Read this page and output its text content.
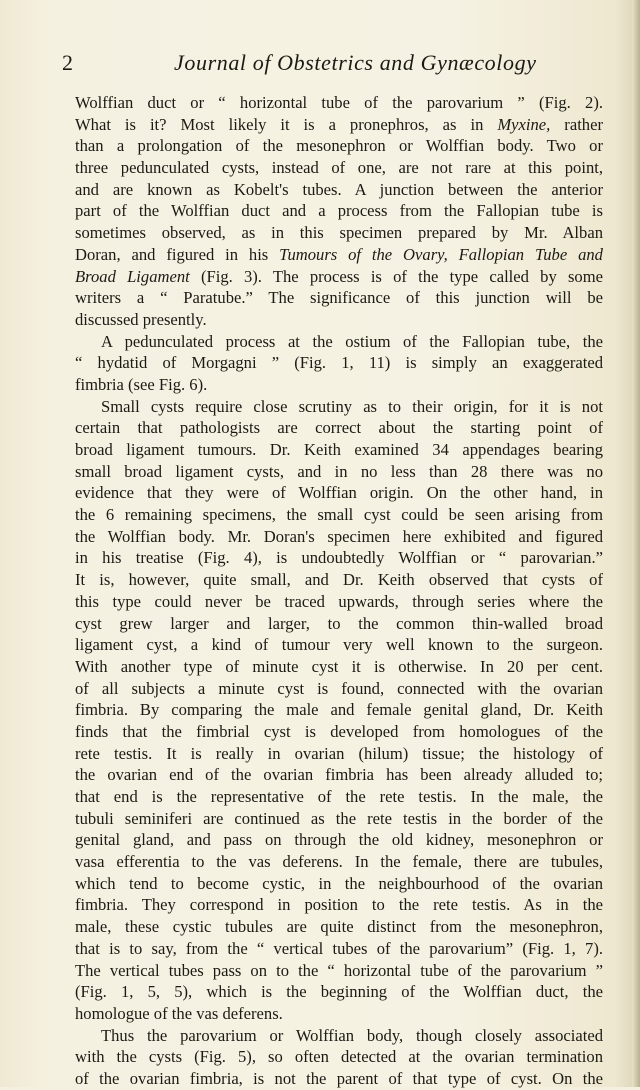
2	Journal of Obstetrics and Gynæcology
Wolffian duct or “ horizontal tube of the parovarium ” (Fig. 2).
What is it? Most likely it is a pronephros, as in Myxine, rather
than a prolongation of the mesonephron or Wolffian body. Two or
three pedunculated cysts, instead of one, are not rare at this point,
and are known as Kobelt's tubes. A junction between the anterior
part of the Wolffian duct and a process from the Fallopian tube is
sometimes observed, as in this specimen prepared by Mr. Alban
Doran, and figured in his Tumours of the Ovary, Fallopian Tube and
Broad Ligament (Fig. 3). The process is of the type called by some
writers a “ Paratube.” The significance of this junction will be
discussed presently.
A pedunculated process at the ostium of the Fallopian tube, the
“ hydatid of Morgagni ” (Fig. 1, 11) is simply an exaggerated
fimbria (see Fig. 6).
Small cysts require close scrutiny as to their origin, for it is not
certain that pathologists are correct about the starting point of
broad ligament tumours. Dr. Keith examined 34 appendages bearing
small broad ligament cysts, and in no less than 28 there was no
evidence that they were of Wolffian origin. On the other hand, in
the 6 remaining specimens, the small cyst could be seen arising from
the Wolffian body. Mr. Doran's specimen here exhibited and figured
in his treatise (Fig. 4), is undoubtedly Wolffian or “ parovarian.”
It is, however, quite small, and Dr. Keith observed that cysts of
this type could never be traced upwards, through series where the
cyst grew larger and larger, to the common thin-walled broad
ligament cyst, a kind of tumour very well known to the surgeon.
With another type of minute cyst it is otherwise. In 20 per cent.
of all subjects a minute cyst is found, connected with the ovarian
fimbria. By comparing the male and female genital gland, Dr. Keith
finds that the fimbrial cyst is developed from homologues of the
rete testis. It is really in ovarian (hilum) tissue; the histology of
the ovarian end of the ovarian fimbria has been already alluded to;
that end is the representative of the rete testis. In the male, the
tubuli seminiferi are continued as the rete testis in the border of the
genital gland, and pass on through the old kidney, mesonephron or
vasa efferentia to the vas deferens. In the female, there are tubules,
which tend to become cystic, in the neighbourhood of the ovarian
fimbria. They correspond in position to the rete testis. As in the
male, these cystic tubules are quite distinct from the mesonephron,
that is to say, from the “ vertical tubes of the parovarium” (Fig. 1, 7).
The vertical tubes pass on to the “ horizontal tube of the parovarium ”
(Fig. 1, 5, 5), which is the beginning of the Wolffian duct, the
homologue of the vas deferens.
Thus the parovarium or Wolffian body, though closely associated
with the cysts (Fig. 5), so often detected at the ovarian termination
of the ovarian fimbria, is not the parent of that type of cyst. On the
